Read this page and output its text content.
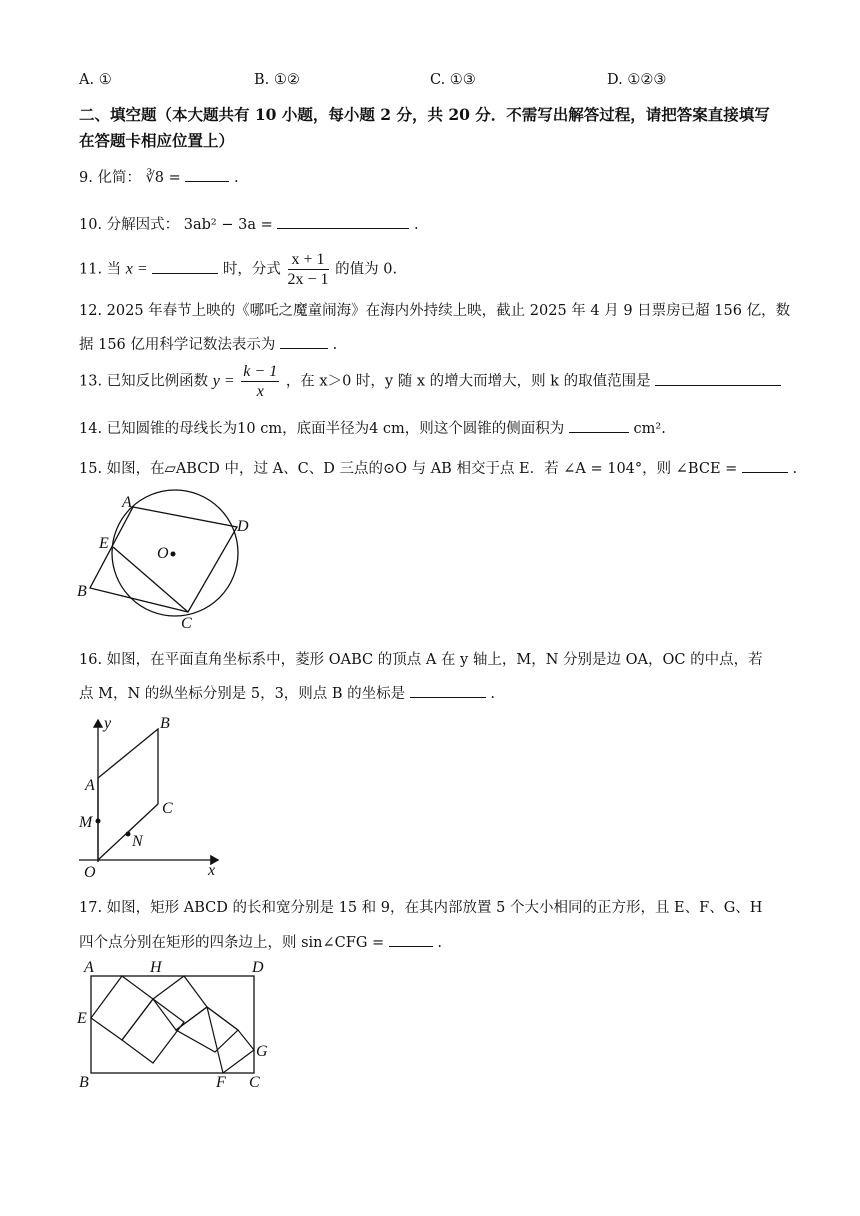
A. ①	B. ①②	C. ①③	D. ①②③
二、填空题（本大题共有 10 小题，每小题 2 分，共 20 分．不需写出解答过程，请把答案直接填写在答题卡相应位置上）
9. 化简： ∛8 =	.
10. 分解因式： 3ab² − 3a =	.
11. 当 x =	时，分式 $\frac{x + 1}{2x - 1}$ 的值为 0.
12. 2025 年春节上映的《哪吒之魔童闹海》在海内外持续上映，截止 2025 年 4 月 9 日票房已超 156 亿，数
据 156 亿用科学记数法表示为	.
13. 已知反比例函数 $y = \frac{k - 1}{x}$ ，在 x＞0 时，y 随 x 的增大而增大，则 k 的取值范围是
14. 已知圆锥的母线长为10 cm，底面半径为4 cm，则这个圆锥的侧面积为	cm².
15. 如图，在▱ABCD 中，过 A、C、D 三点的⊙O 与 AB 相交于点 E．若 ∠A = 104°，则 ∠BCE =	.
A
D
E
O
B
C
16. 如图，在平面直角坐标系中，菱形 OABC 的顶点 A 在 y 轴上，M，N 分别是边 OA，OC 的中点，若
点 M，N 的纵坐标分别是 5，3，则点 B 的坐标是	.
y
x
O
A
B
C
M
N
17. 如图，矩形 ABCD 的长和宽分别是 15 和 9，在其内部放置 5 个大小相同的正方形，且 E、F、G、H
四个点分别在矩形的四条边上，则 sin∠CFG =	.
A	H	D
E
G
B	F C
